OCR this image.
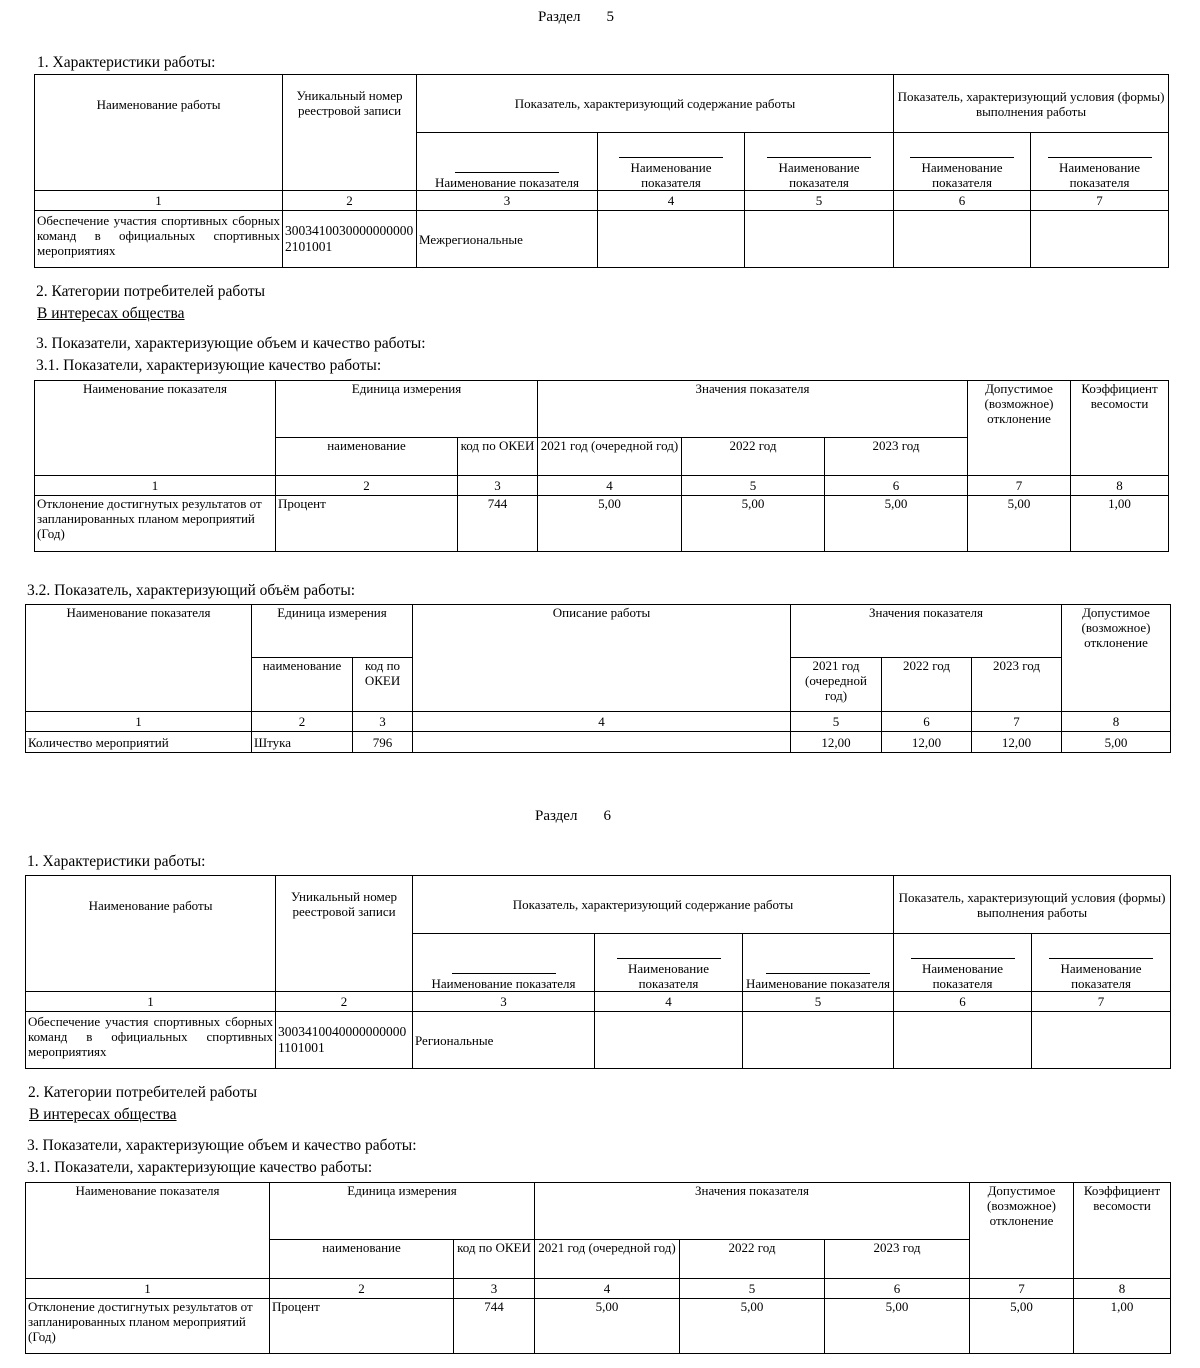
Раздел 5
1. Характеристики работы:
Наименование работы	Уникальный номер реестровой записи	Показатель, характеризующий содержание работы			Показатель, характеризующий условия (формы) выполнения работы	

Наименование показателя	Наименование показателя	Наименование показателя	Наименование показателя	Наименование показателя
1	2	3	4	5	6	7
Обеспечение участия спортивных сборных команд в официальных спортивных мероприятиях	30034100300000000002101001	Межрегиональные				
2. Категории потребителей работы
В интересах общества
3. Показатели, характеризующие объем и качество работы:
3.1. Показатели, характеризующие качество работы:
Наименование показателя	Единица измерения		Значения показателя			Допустимое (возможное) отклонение	Коэффициент весомости
	наименование	код по ОКЕИ	2021 год (очередной год)	2022 год	2023 год		
1	2	3	4	5	6	7	8
Отклонение достигнутых результатов от запланированных планом мероприятий (Год)	Процент	744	5,00	5,00	5,00	5,00	1,00
3.2. Показатель, характеризующий объём работы:
Наименование показателя	Единица измерения		Описание работы	Значения показателя			Допустимое (возможное) отклонение
	наименование	код по ОКЕИ		2021 год (очередной год)	2022 год	2023 год	
1	2	3	4	5	6	7	8
Количество мероприятий	Штука	796		12,00	12,00	12,00	5,00
Раздел 6
1. Характеристики работы:
Наименование работы	Уникальный номер реестровой записи	Показатель, характеризующий содержание работы			Показатель, характеризующий условия (формы) выполнения работы	

Наименование показателя	Наименование показателя	Наименование показателя	Наименование показателя	Наименование показателя
1	2	3	4	5	6	7
Обеспечение участия спортивных сборных команд в официальных спортивных мероприятиях	30034100400000000001101001	Региональные				
2. Категории потребителей работы
В интересах общества
3. Показатели, характеризующие объем и качество работы:
3.1. Показатели, характеризующие качество работы:
Наименование показателя	Единица измерения		Значения показателя			Допустимое (возможное) отклонение	Коэффициент весомости
	наименование	код по ОКЕИ	2021 год (очередной год)	2022 год	2023 год		
1	2	3	4	5	6	7	8
Отклонение достигнутых результатов от запланированных планом мероприятий (Год)	Процент	744	5,00	5,00	5,00	5,00	1,00
